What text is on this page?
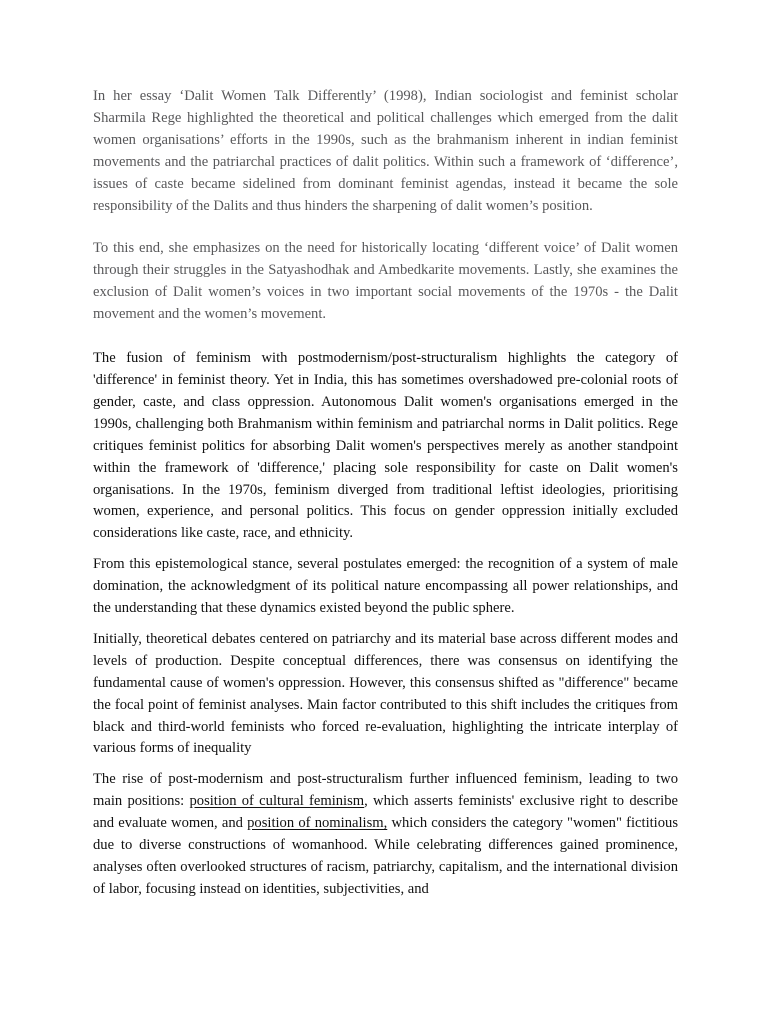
In her essay ‘Dalit Women Talk Differently’ (1998), Indian sociologist and feminist scholar Sharmila Rege highlighted the theoretical and political challenges which emerged from the dalit women organisations’ efforts in the 1990s, such as the brahmanism inherent in indian feminist movements and the patriarchal practices of dalit politics. Within such a framework of ‘difference’, issues of caste became sidelined from dominant feminist agendas, instead it became the sole responsibility of the Dalits and thus hinders the sharpening of dalit women’s position.

To this end, she emphasizes on the need for historically locating ‘different voice’ of Dalit women through their struggles in the Satyashodhak and Ambedkarite movements. Lastly, she examines the exclusion of Dalit women’s voices in two important social movements of the 1970s - the Dalit movement and the women’s movement.

The fusion of feminism with postmodernism/post-structuralism highlights the category of 'difference' in feminist theory. Yet in India, this has sometimes overshadowed pre-colonial roots of gender, caste, and class oppression. Autonomous Dalit women's organisations emerged in the 1990s, challenging both Brahmanism within feminism and patriarchal norms in Dalit politics. Rege critiques feminist politics for absorbing Dalit women's perspectives merely as another standpoint within the framework of 'difference,' placing sole responsibility for caste on Dalit women's organisations. In the 1970s, feminism diverged from traditional leftist ideologies, prioritising women, experience, and personal politics. This focus on gender oppression initially excluded considerations like caste, race, and ethnicity.

From this epistemological stance, several postulates emerged: the recognition of a system of male domination, the acknowledgment of its political nature encompassing all power relationships, and the understanding that these dynamics existed beyond the public sphere.

Initially, theoretical debates centered on patriarchy and its material base across different modes and levels of production. Despite conceptual differences, there was consensus on identifying the fundamental cause of women's oppression. However, this consensus shifted as "difference" became the focal point of feminist analyses. Main factor contributed to this shift includes the critiques from black and third-world feminists who forced re-evaluation, highlighting the intricate interplay of various forms of inequality

The rise of post-modernism and post-structuralism further influenced feminism, leading to two main positions: position of cultural feminism, which asserts feminists' exclusive right to describe and evaluate women, and position of nominalism, which considers the category "women" fictitious due to diverse constructions of womanhood. While celebrating differences gained prominence, analyses often overlooked structures of racism, patriarchy, capitalism, and the international division of labor, focusing instead on identities, subjectivities, and
